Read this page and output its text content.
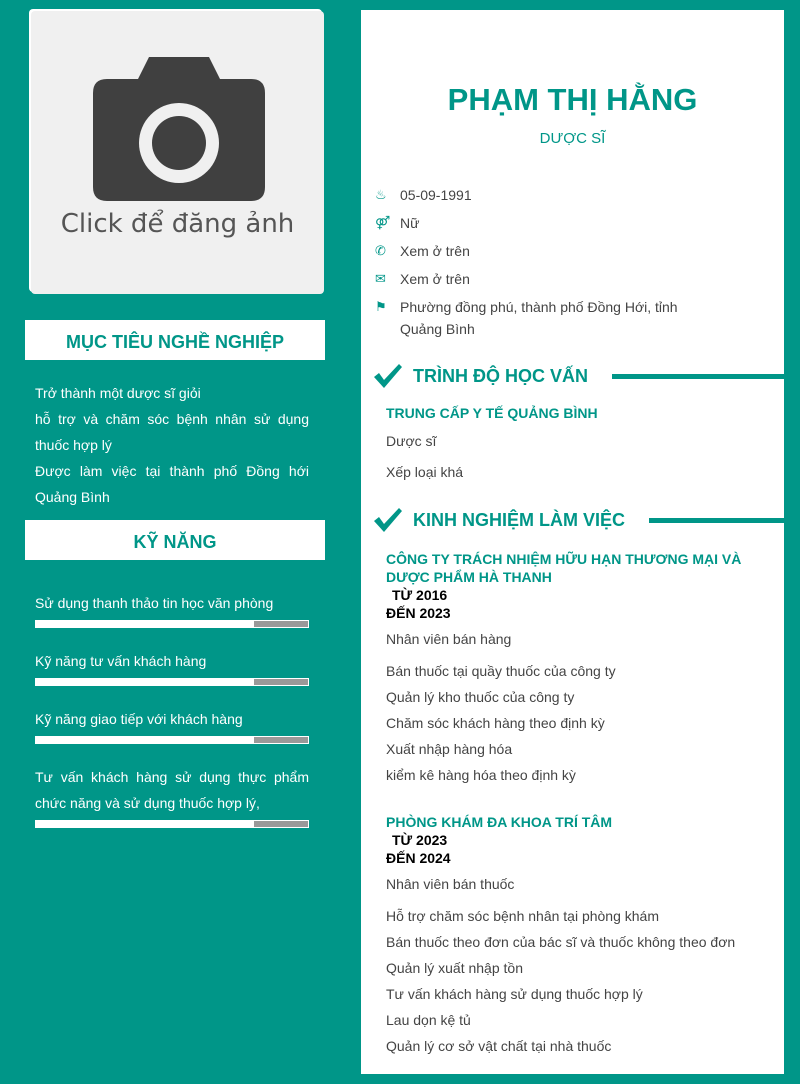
Click để đăng ảnh
MỤC TIÊU NGHỀ NGHIỆP
Trở thành một dược sĩ giỏi
hỗ trợ và chăm sóc bệnh nhân sử dụng thuốc hợp lý
Được làm việc tại thành phố Đồng hới Quảng Bình
KỸ NĂNG
Sử dụng thanh thảo tin học văn phòng
Kỹ năng tư vấn khách hàng
Kỹ năng giao tiếp với khách hàng
Tư vấn khách hàng sử dụng thực phẩm chức năng và sử dụng thuốc hợp lý,
PHẠM THỊ HẰNG
DƯỢC SĨ
♨ 05-09-1991
⚤ Nữ
✆	Xem ở trên
✉	Xem ở trên
⚑ Phường đồng phú, thành phố Đồng Hới, tỉnh Quảng Bình
TRÌNH ĐỘ HỌC VẤN
TRUNG CẤP Y TẾ QUẢNG BÌNH
Dược sĩ
Xếp loại khá
KINH NGHIỆM LÀM VIỆC
CÔNG TY TRÁCH NHIỆM HỮU HẠN THƯƠNG MẠI VÀ DƯỢC PHẨM HÀ THANH
TỪ 2016
ĐẾN 2023
Nhân viên bán hàng
Bán thuốc tại quầy thuốc của công ty
Quản lý kho thuốc của công ty
Chăm sóc khách hàng theo định kỳ
Xuất nhập hàng hóa
kiểm kê hàng hóa theo định kỳ
PHÒNG KHÁM ĐA KHOA TRÍ TÂM
TỪ 2023
ĐẾN 2024
Nhân viên bán thuốc
Hỗ trợ chăm sóc bệnh nhân tại phòng khám
Bán thuốc theo đơn của bác sĩ và thuốc không theo đơn
Quản lý xuất nhập tồn
Tư vấn khách hàng sử dụng thuốc hợp lý
Lau dọn kệ tủ
Quản lý cơ sở vật chất tại nhà thuốc
